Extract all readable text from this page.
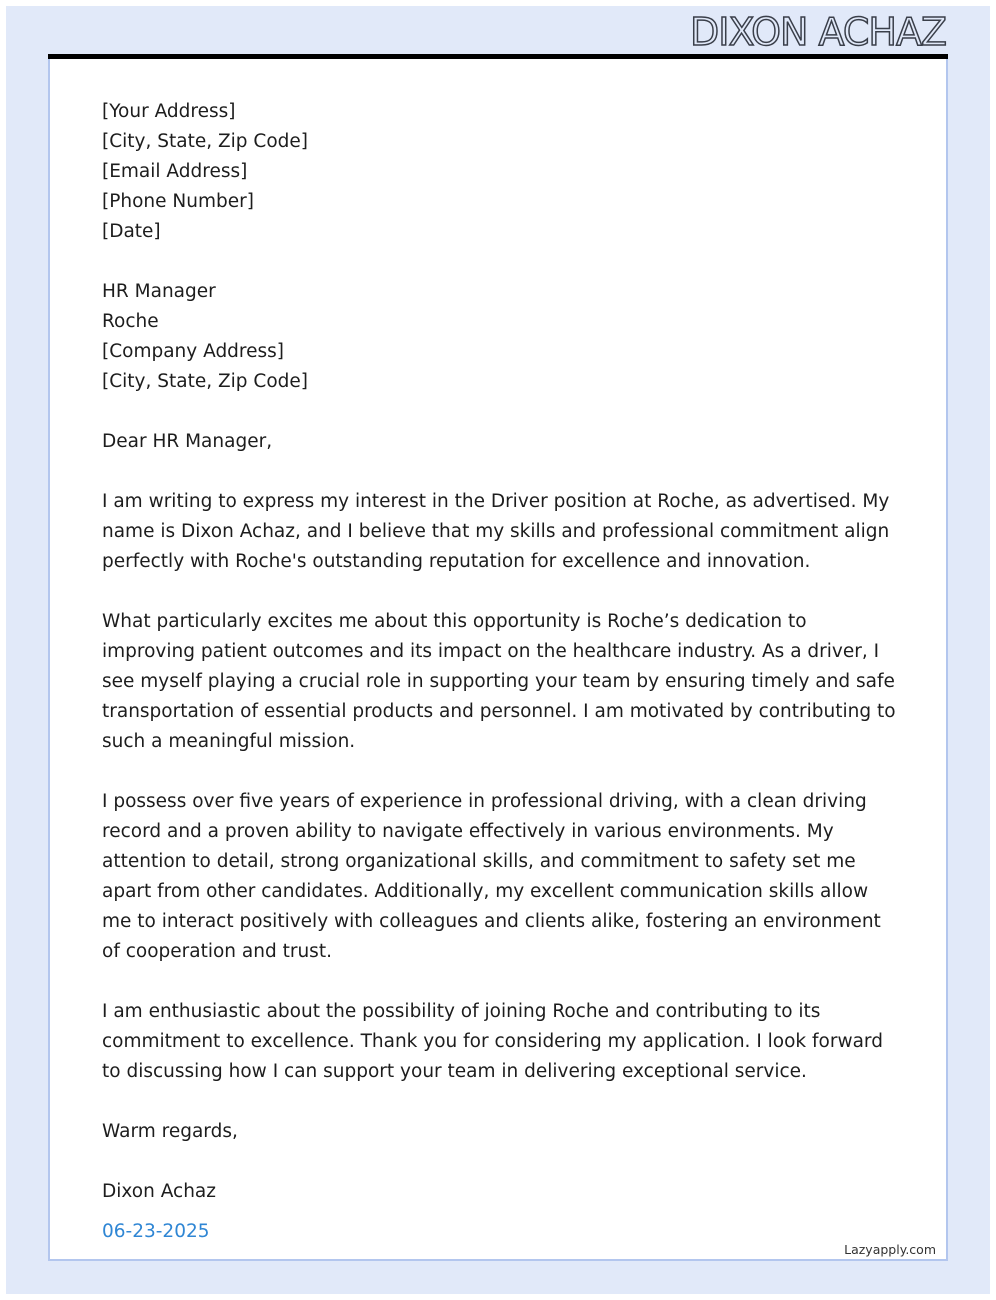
DIXON ACHAZ
[Your Address]
[City, State, Zip Code]
[Email Address]
[Phone Number]
[Date]
HR Manager
Roche
[Company Address]
[City, State, Zip Code]
Dear HR Manager,

I am writing to express my interest in the Driver position at Roche, as advertised. My name is Dixon Achaz, and I believe that my skills and professional commitment align perfectly with Roche's outstanding reputation for excellence and innovation.

What particularly excites me about this opportunity is Roche’s dedication to improving patient outcomes and its impact on the healthcare industry. As a driver, I see myself playing a crucial role in supporting your team by ensuring timely and safe transportation of essential products and personnel. I am motivated by contributing to such a meaningful mission.

I possess over five years of experience in professional driving, with a clean driving record and a proven ability to navigate effectively in various environments. My attention to detail, strong organizational skills, and commitment to safety set me apart from other candidates. Additionally, my excellent communication skills allow me to interact positively with colleagues and clients alike, fostering an environment of cooperation and trust.

I am enthusiastic about the possibility of joining Roche and contributing to its commitment to excellence. Thank you for considering my application. I look forward to discussing how I can support your team in delivering exceptional service.

Warm regards,
Dixon Achaz
06-23-2025
Lazyapply.com
